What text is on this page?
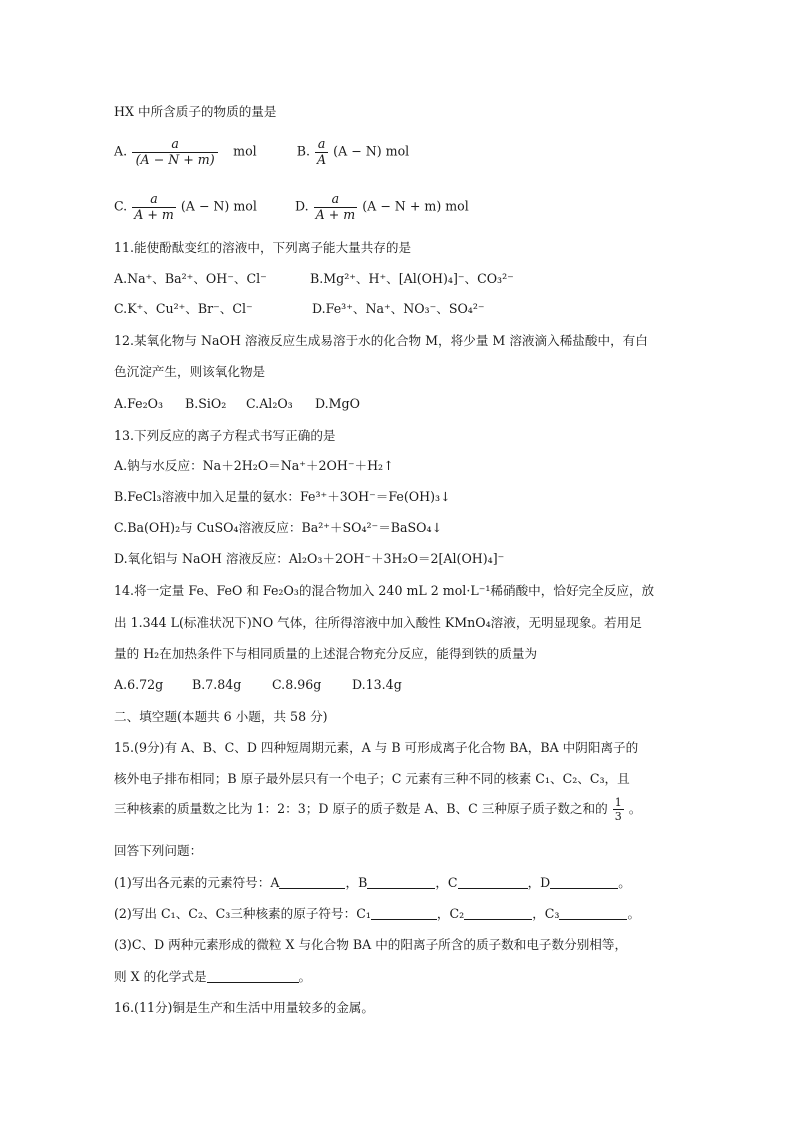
HX 中所含质子的物质的量是
A. $\frac{a}{(A - N + m)}$ mol	B. $\frac{a}{A} (A - N)$ mol
C. $\frac{a}{A + m} (A - N)$ mol	D. $\frac{a}{A + m} (A - N + m)$ mol
11.能使酚酞变红的溶液中，下列离子能大量共存的是
A.Na⁺、Ba²⁺、OH⁻、Cl⁻	B.Mg²⁺、H⁺、[Al(OH)₄]⁻、CO₃²⁻
C.K⁺、Cu²⁺、Br⁻、Cl⁻	D.Fe³⁺、Na⁺、NO₃⁻、SO₄²⁻
12.某氧化物与 NaOH 溶液反应生成易溶于水的化合物 M，将少量 M 溶液滴入稀盐酸中，有白
色沉淀产生，则该氧化物是
A.Fe₂O₃ B.SiO₂ C.Al₂O₃ D.MgO
13.下列反应的离子方程式书写正确的是
A.钠与水反应：Na＋2H₂O＝Na⁺＋2OH⁻＋H₂↑
B.FeCl₃溶液中加入足量的氨水：Fe³⁺＋3OH⁻＝Fe(OH)₃↓
C.Ba(OH)₂与 CuSO₄溶液反应：Ba²⁺＋SO₄²⁻＝BaSO₄↓
D.氧化铝与 NaOH 溶液反应：Al₂O₃＋2OH⁻＋3H₂O＝2[Al(OH)₄]⁻
14.将一定量 Fe、FeO 和 Fe₂O₃的混合物加入 240 mL 2 mol·L⁻¹稀硝酸中，恰好完全反应，放
出 1.344 L(标准状况下)NO 气体，往所得溶液中加入酸性 KMnO₄溶液，无明显现象。若用足
量的 H₂在加热条件下与相同质量的上述混合物充分反应，能得到铁的质量为
A.6.72g B.7.84g C.8.96g D.13.4g
二、填空题(本题共 6 小题，共 58 分)
15.(9分)有 A、B、C、D 四种短周期元素，A 与 B 可形成离子化合物 BA，BA 中阴阳离子的
核外电子排布相同；B 原子最外层只有一个电子；C 元素有三种不同的核素 C₁、C₂、C₃，且
三种核素的质量数之比为 1：2：3；D 原子的质子数是 A、B、C 三种原子质子数之和的 $\frac{1}{3}$ 。
回答下列问题：
(1)写出各元素的元素符号：A	，B	，C	，D	。
(2)写出 C₁、C₂、C₃三种核素的原子符号：C₁	，C₂	，C₃	。
(3)C、D 两种元素形成的微粒 X 与化合物 BA 中的阳离子所含的质子数和电子数分别相等，
则 X 的化学式是	。
16.(11分)铜是生产和生活中用量较多的金属。
